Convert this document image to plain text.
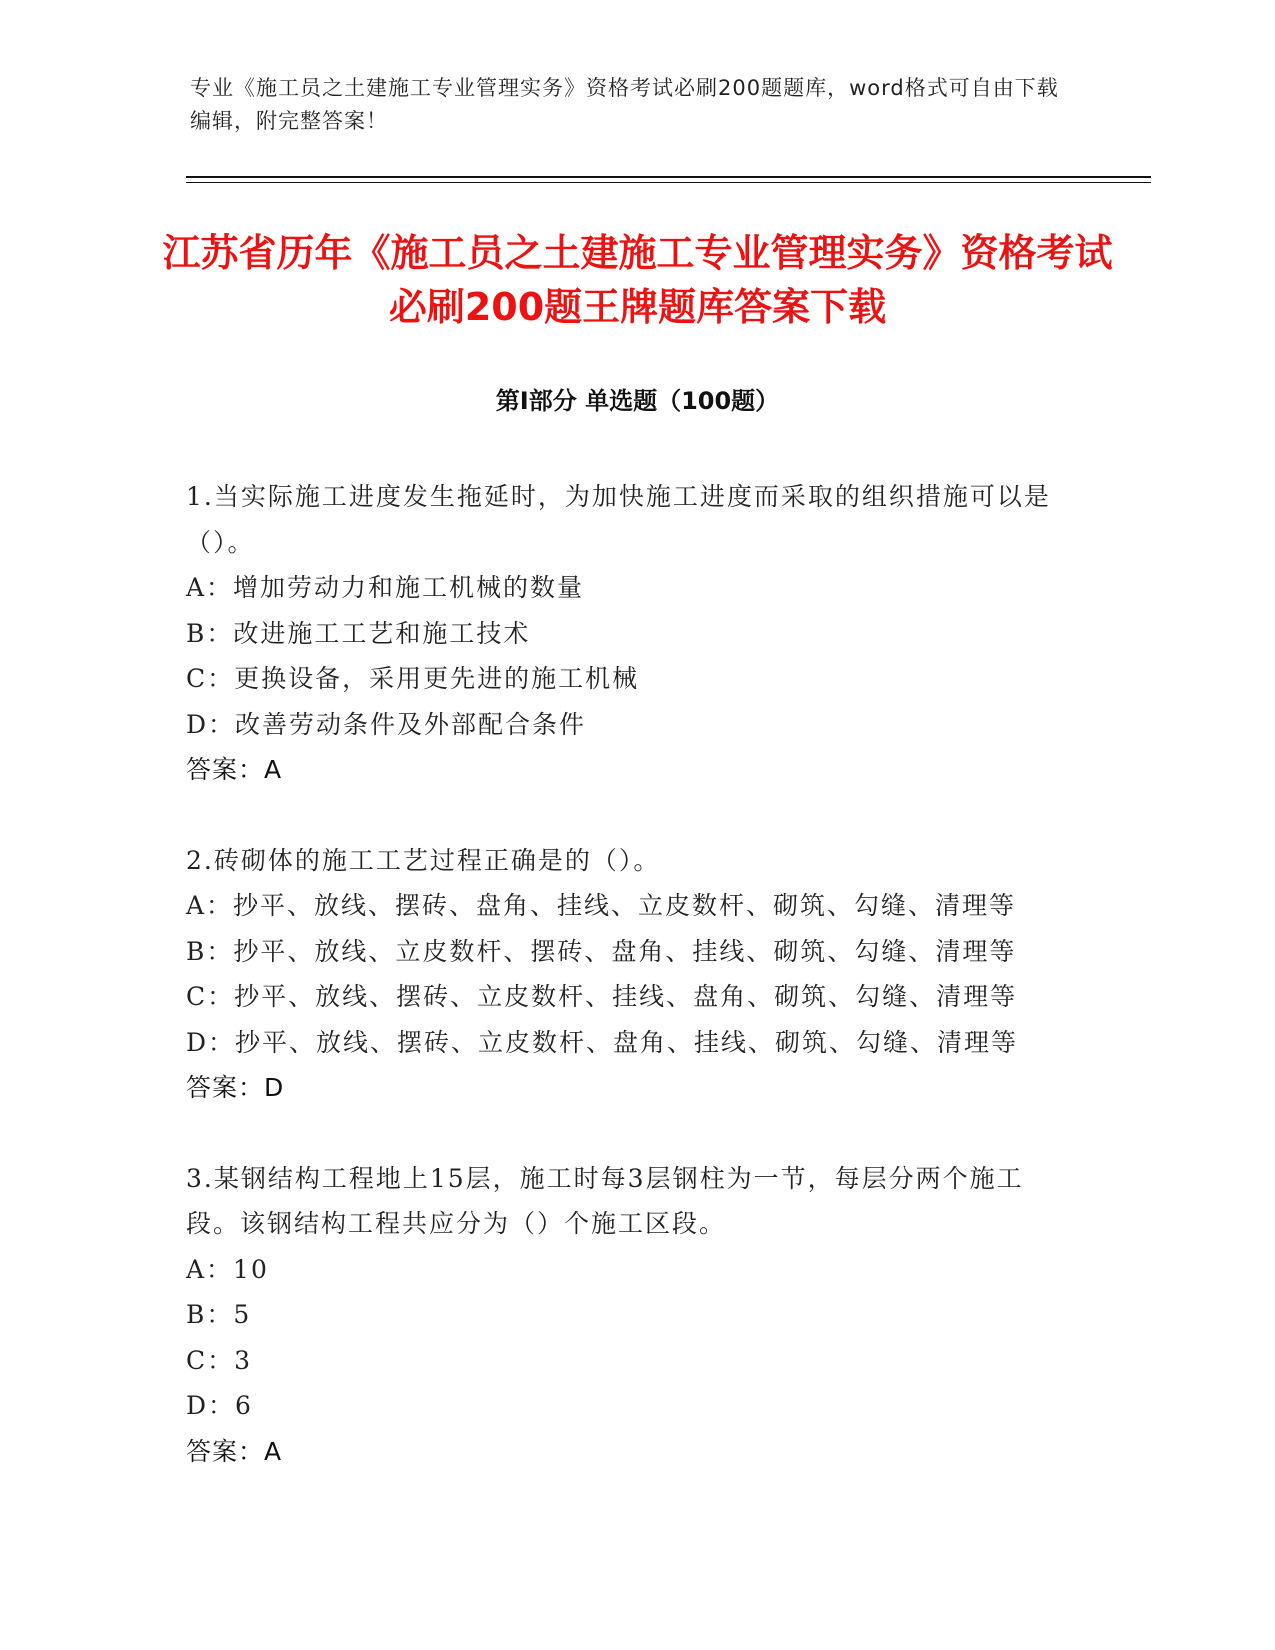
专业《施工员之土建施工专业管理实务》资格考试必刷200题题库，word格式可自由下载编辑，附完整答案！
江苏省历年《施工员之土建施工专业管理实务》资格考试必刷200题王牌题库答案下载
第Ⅰ部分 单选题（100题）

1.当实际施工进度发生拖延时，为加快施工进度而采取的组织措施可以是（）。

A：增加劳动力和施工机械的数量

B：改进施工工艺和施工技术

C：更换设备，采用更先进的施工机械

D：改善劳动条件及外部配合条件

答案：A

2.砖砌体的施工工艺过程正确是的（）。

A：抄平、放线、摆砖、盘角、挂线、立皮数杆、砌筑、勾缝、清理等

B：抄平、放线、立皮数杆、摆砖、盘角、挂线、砌筑、勾缝、清理等

C：抄平、放线、摆砖、立皮数杆、挂线、盘角、砌筑、勾缝、清理等

D：抄平、放线、摆砖、立皮数杆、盘角、挂线、砌筑、勾缝、清理等

答案：D

3.某钢结构工程地上15层，施工时每3层钢柱为一节，每层分两个施工段。该钢结构工程共应分为（）个施工区段。

A：10

B：5

C：3

D：6

答案：A
